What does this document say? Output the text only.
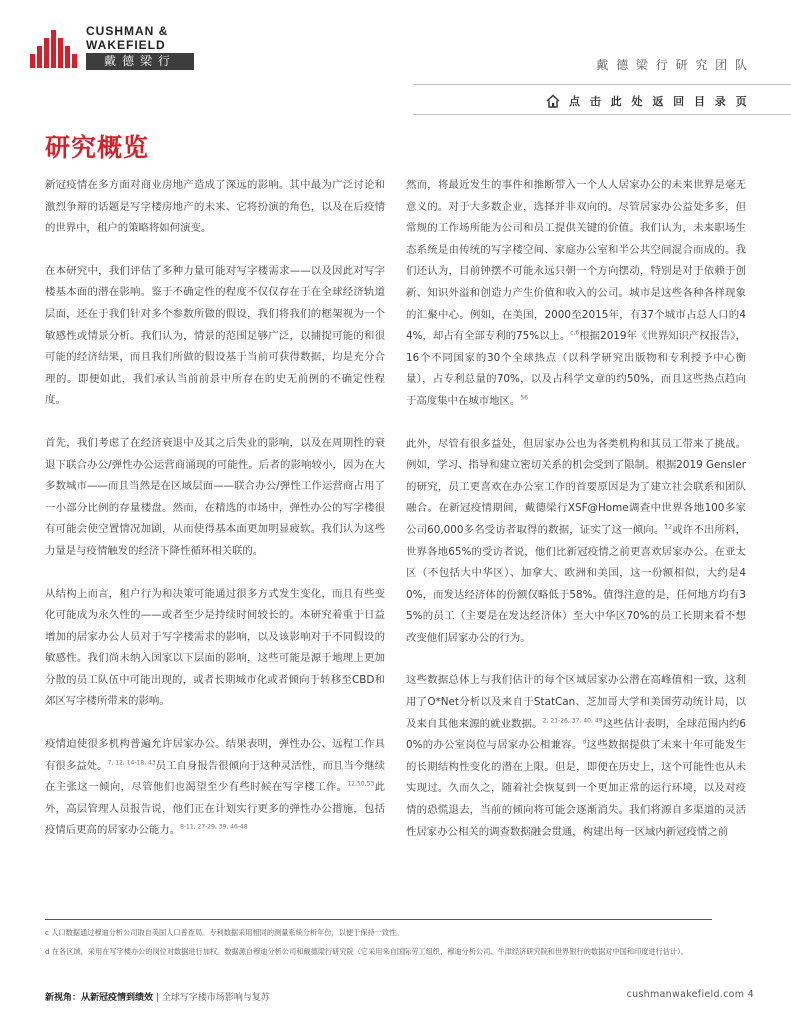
CUSHMAN &
WAKEFIELD
戴德梁行	戴 德 梁 行 研 究 团 队
点 击 此 处 返 回 目 录 页
研究概览

新冠疫情在多方面对商业房地产造成了深远的影响。其中最为广泛讨论和激烈争辩的话题是写字楼房地产的未来、它将扮演的角色，以及在后疫情的世界中，租户的策略将如何演变。

在本研究中，我们评估了多种力量可能对写字楼需求——以及因此对写字楼基本面的潜在影响。鉴于不确定性的程度不仅仅存在于在全球经济轨道层面，还在于我们针对多个参数所做的假设，我们将我们的框架视为一个敏感性或情景分析。我们认为，情景的范围足够广泛，以捕捉可能的和很可能的经济结果，而且我们所做的假设基于当前可获得数据，均是充分合理的。即便如此，我们承认当前前景中所存在的史无前例的不确定性程度。

首先，我们考虑了在经济衰退中及其之后失业的影响，以及在周期性的衰退下联合办公/弹性办公运营商涌现的可能性。后者的影响较小，因为在大多数城市——而且当然是在区域层面——联合办公/弹性工作运营商占用了一小部分比例的存量楼盘。然而，在精选的市场中，弹性办公的写字楼很有可能会使空置情况加剧，从而使得基本面更加明显疲软。我们认为这些力量是与疫情触发的经济下降性循环相关联的。

从结构上而言，租户行为和决策可能通过很多方式发生变化，而且有些变化可能成为永久性的——或者至少是持续时间较长的。本研究着重于日益增加的居家办公人员对于写字楼需求的影响，以及该影响对于不同假设的敏感性。我们尚未纳入国家以下层面的影响，这些可能是源于地理上更加分散的员工队伍中可能出现的，或者长期城市化或者倾向于转移至CBD和郊区写字楼所带来的影响。

疫情迫使很多机构普遍允许居家办公。结果表明，弹性办公、远程工作具有很多益处。$^{7, 12, 14-18, 43}$员工自身报告很倾向于这种灵活性，而且当今继续在主张这一倾向，尽管他们也渴望至少有些时候在写字楼工作。$^{12,50,53}$此外，高层管理人员报告说，他们正在计划实行更多的弹性办公措施，包括疫情后更高的居家办公能力。$^{8-11, 27-29, 39, 46-48}$

然而，将最近发生的事件和推断带入一个人人居家办公的未来世界是毫无意义的。对于大多数企业，选择并非双向的。尽管居家办公益处多多，但常规的工作场所能为公司和员工提供关键的价值。我们认为，未来职场生态系统是由传统的写字楼空间、家庭办公室和半公共空间混合而成的。我们还认为，目前钟摆不可能永远只朝一个方向摆动，特别是对于依赖于创新、知识外溢和创造力产生价值和收入的公司。城市是这些各种各样现象的汇聚中心。例如，在美国，2000至2015年，有37个城市占总人口的44%，却占有全部专利的75%以上。$^{c,6}$根据2019年《世界知识产权报告》，16个不同国家的30个全球热点（以科学研究出版物和专利授予中心衡量），占专利总量的70%，以及占科学文章的约50%，而且这些热点趋向于高度集中在城市地区。$^{56}$

此外，尽管有很多益处，但居家办公也为各类机构和其员工带来了挑战。例如，学习、指导和建立密切关系的机会受到了限制。根据2019 Gensler的研究，员工更喜欢在办公室工作的首要原因是为了建立社会联系和团队融合。在新冠疫情期间，戴德梁行XSF@Home调查中世界各地100多家公司60,000多名受访者取得的数据，证实了这一倾向。$^{12}$或许不出所料，世界各地65%的受访者说，他们比新冠疫情之前更喜欢居家办公。在亚太区（不包括大中华区）、加拿大、欧洲和美国，这一份额相似，大约是40%，而发达经济体的份额仅略低于58%。值得注意的是，任何地方均有35%的员工（主要是在发达经济体）至大中华区70%的员工长期来看不想改变他们居家办公的行为。

这些数据总体上与我们估计的每个区域居家办公潜在高峰值相一致，这利用了O*Net分析以及来自于StatCan、芝加哥大学和美国劳动统计局，以及来自其他来源的就业数据。$^{2, 21-26, 37, 40, 49}$这些估计表明，全球范围内约60%的办公室岗位与居家办公相兼容。$^d$这些数据提供了未来十年可能发生的长期结构性变化的潜在上限。但是，即便在历史上，这个可能性也从未实现过。久而久之，随着社会恢复到一个更加正常的运行环境，以及对疫情的恐慌退去，当前的倾向将可能会逐渐消失。我们将源自多渠道的灵活性居家办公相关的调查数据融会贯通，构建出每一区域内新冠疫情之前

c 人口数据通过穆迪分析公司取自美国人口普查局。专利数据采用相同的测量系统分析年份，以便于保持一致性。
d 在各区域，采用在写字楼办公的岗位对数据进行加权。数据源自穆迪分析公司和戴德梁行研究院（它采用来自国际劳工组织、穆迪分析公司、牛津经济研究院和世界银行的数据对中国和印度进行估计）。
新视角：从新冠疫情到绩效 | 全球写字楼市场影响与复苏	cushmanwakefield.com 4
